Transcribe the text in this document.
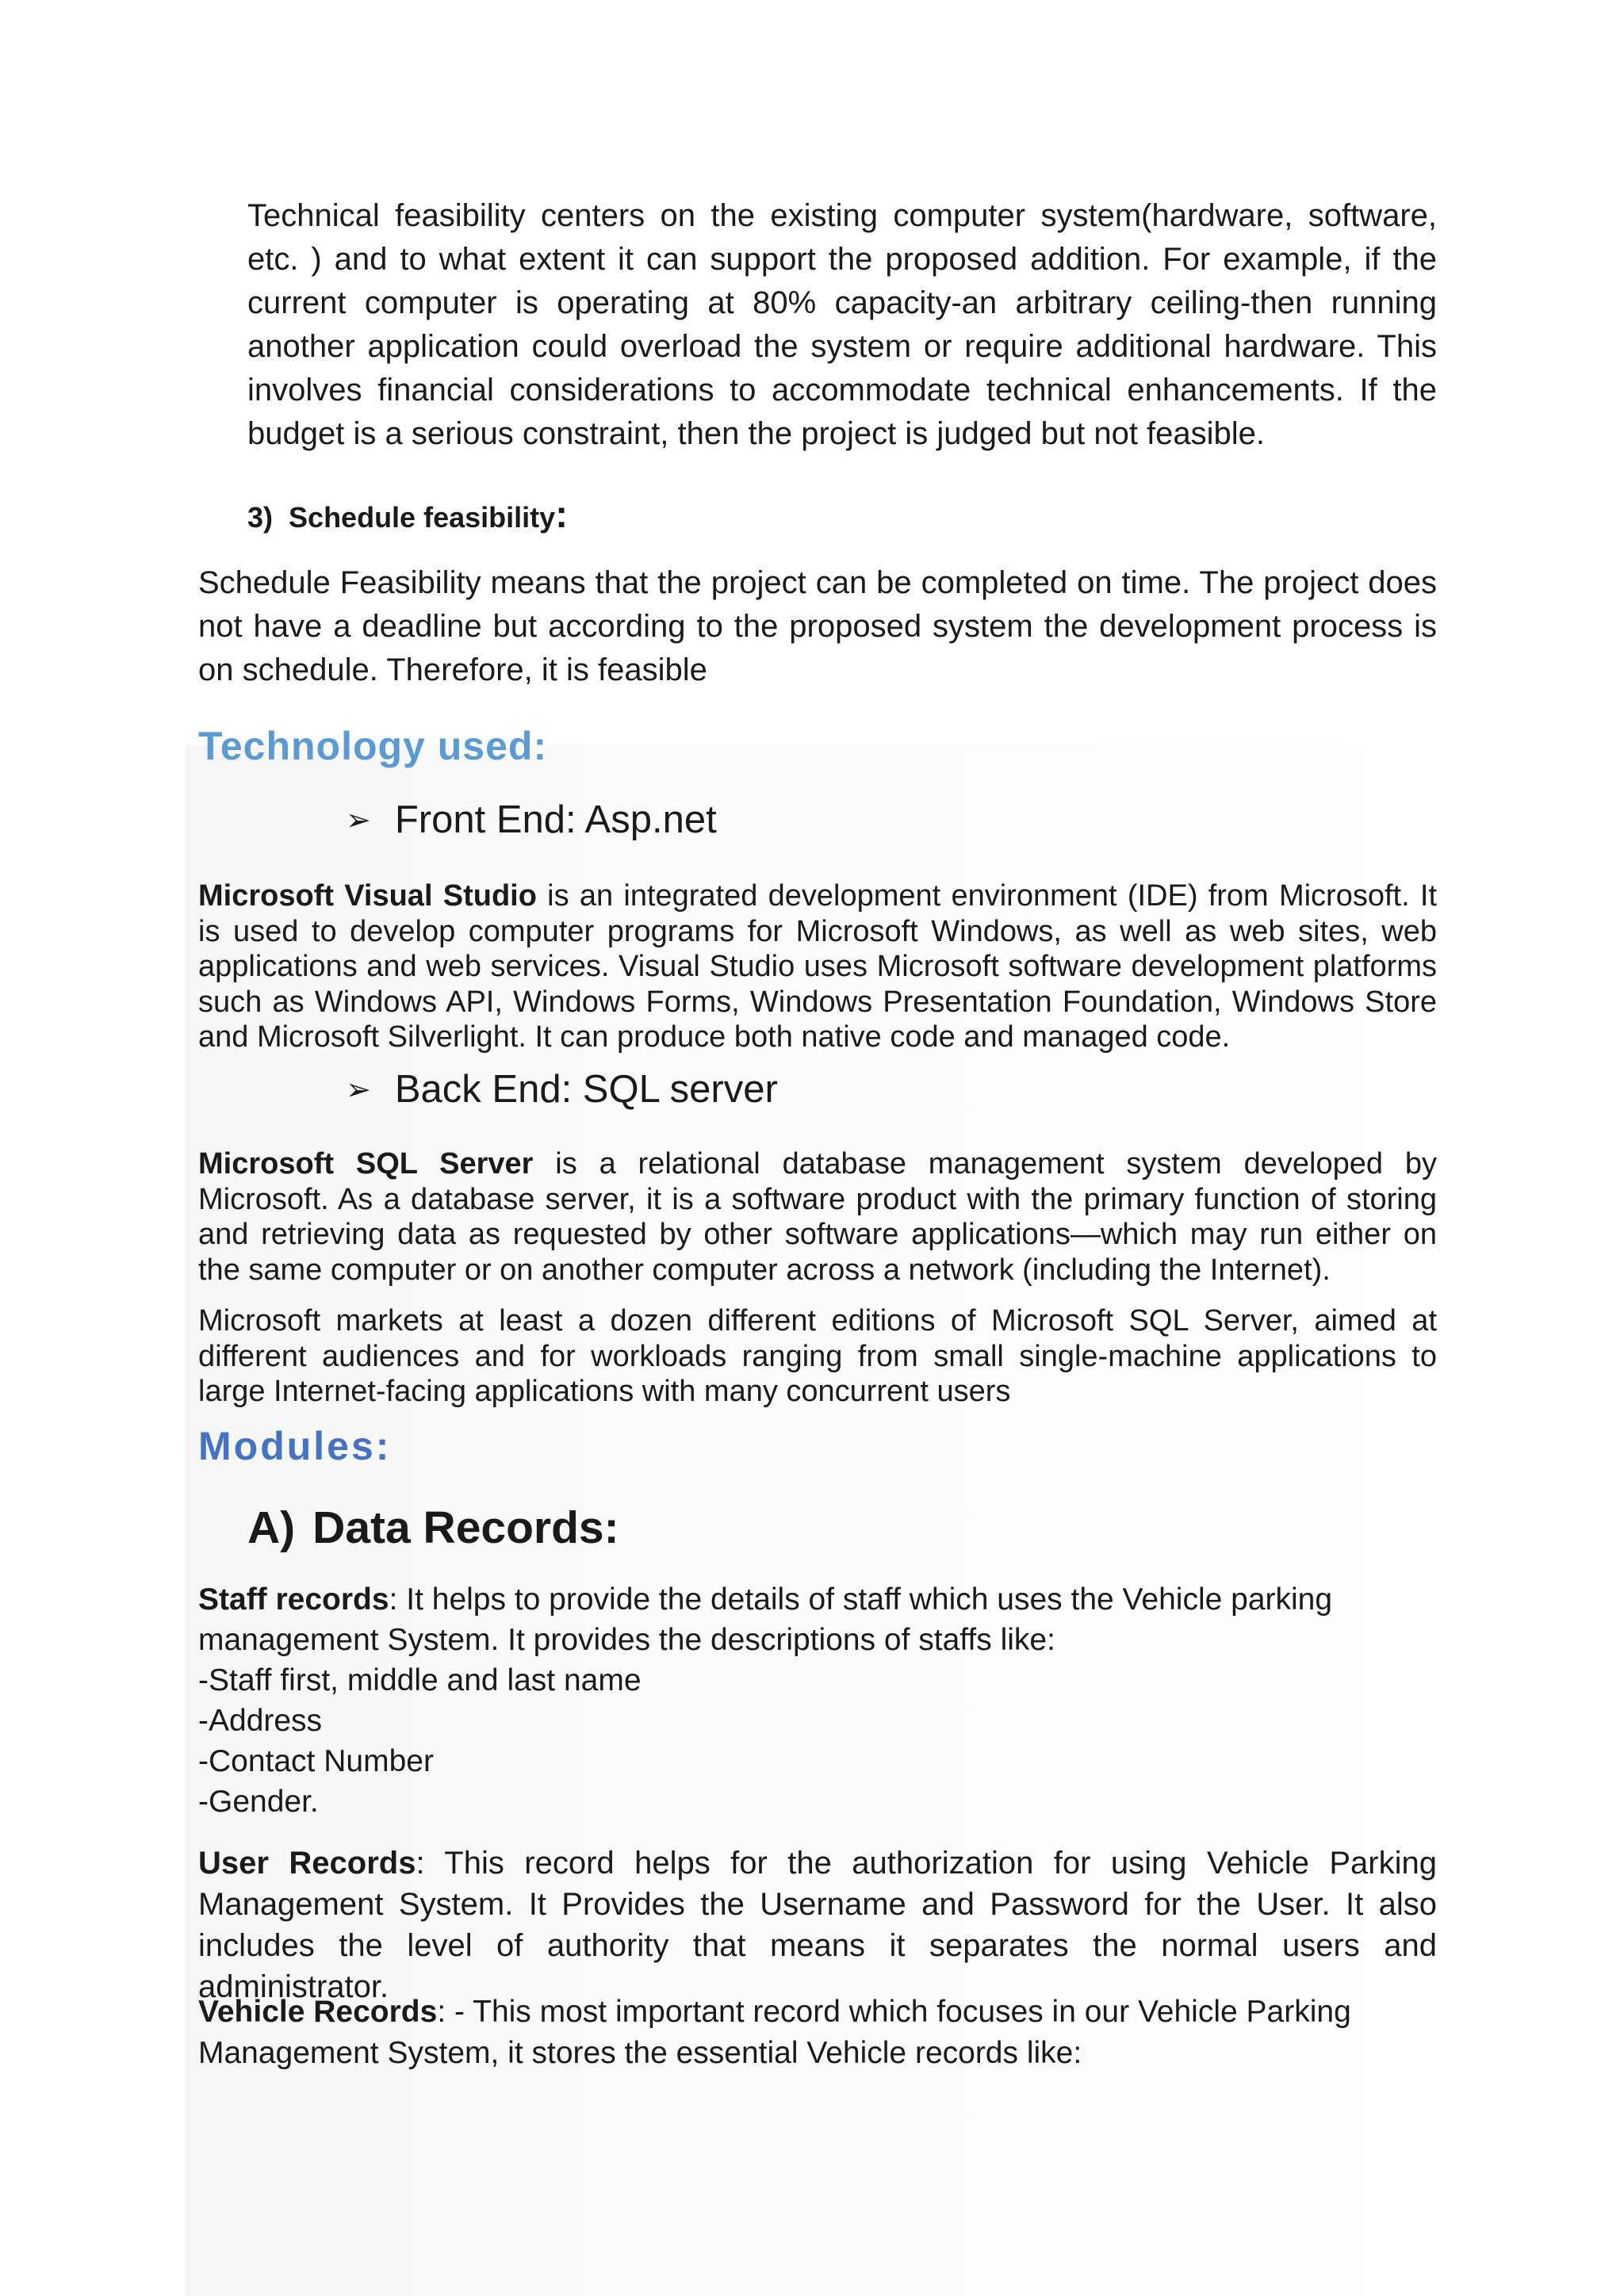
Technical feasibility centers on the existing computer system(hardware, software, etc. ) and to what extent it can support the proposed addition. For example, if the current computer is operating at 80% capacity-an arbitrary ceiling-then running another application could overload the system or require additional hardware. This involves financial considerations to accommodate technical enhancements. If the budget is a serious constraint, then the project is judged but not feasible.

3) Schedule feasibility:

Schedule Feasibility means that the project can be completed on time. The project does not have a deadline but according to the proposed system the development process is on schedule. Therefore, it is feasible

Technology used:
➢ Front End: Asp.net

Microsoft Visual Studio is an integrated development environment (IDE) from Microsoft. It is used to develop computer programs for Microsoft Windows, as well as web sites, web applications and web services. Visual Studio uses Microsoft software development platforms such as Windows API, Windows Forms, Windows Presentation Foundation, Windows Store and Microsoft Silverlight. It can produce both native code and managed code.

➢ Back End: SQL server

Microsoft SQL Server is a relational database management system developed by Microsoft. As a database server, it is a software product with the primary function of storing and retrieving data as requested by other software applications—which may run either on the same computer or on another computer across a network (including the Internet).

Microsoft markets at least a dozen different editions of Microsoft SQL Server, aimed at different audiences and for workloads ranging from small single-machine applications to large Internet-facing applications with many concurrent users

Modules:
A) Data Records:
Staff records: It helps to provide the details of staff which uses the Vehicle parking
management System. It provides the descriptions of staffs like:
-Staff first, middle and last name
-Address
-Contact Number
-Gender.

User Records: This record helps for the authorization for using Vehicle Parking Management System. It Provides the Username and Password for the User. It also includes the level of authority that means it separates the normal users and administrator.

Vehicle Records: - This most important record which focuses in our Vehicle Parking
Management System, it stores the essential Vehicle records like:
